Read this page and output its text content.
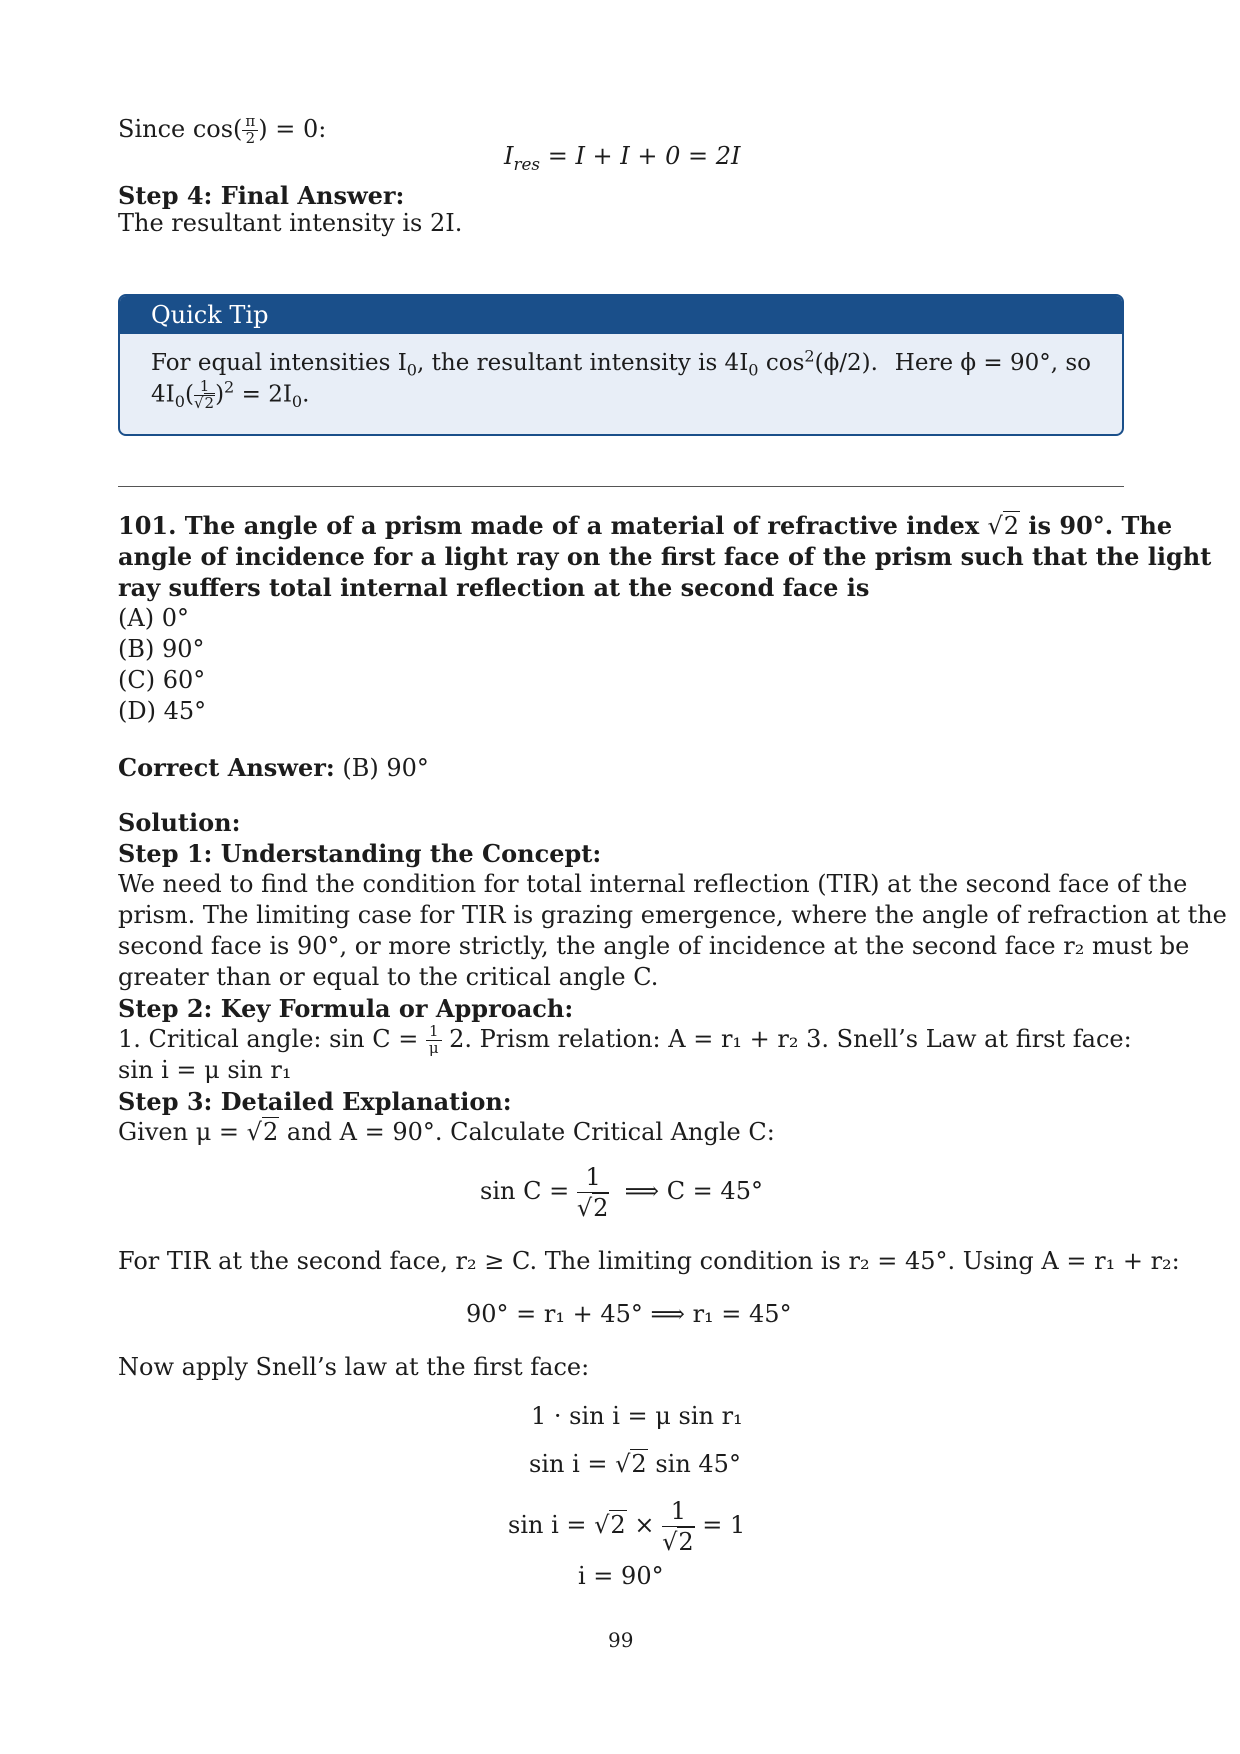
Since $\cos( \frac{\pi}{2}$ ) = 0:
$I_{res} = I + I + 0 = 2I$
Step 4: Final Answer:
The resultant intensity is 2I.
Quick Tip
For equal intensities $I_0$, the resultant intensity is $4I_0$ $\cos^2(\phi/2)$. Here ϕ = 90°, so
$4I_0( \frac{1}{√2} )^2 = 2I_0$.
101. The angle of a prism made of a material of refractive index √2 is 90°. The
angle of incidence for a light ray on the first face of the prism such that the light
ray suffers total internal reflection at the second face is
(A) 0°
(B) 90°
(C) 60°
(D) 45°
Correct Answer: (B) 90°
Solution:
Step 1: Understanding the Concept:
We need to find the condition for total internal reflection (TIR) at the second face of the
prism. The limiting case for TIR is grazing emergence, where the angle of refraction at the
second face is 90°, or more strictly, the angle of incidence at the second face r₂ must be
greater than or equal to the critical angle C.
Step 2: Key Formula or Approach:
1. Critical angle: $\sin C = \frac{1}{\mu} 2$. Prism relation: A = r₁ + r₂ 3. Snell’s Law at first face:
sin i = μ sin r₁
Step 3: Detailed Explanation:
Given μ = √2 and A = 90°. Calculate Critical Angle C:
$\sin C = \frac{1}{√2}$ ⟹ C = 45°
For TIR at the second face, r₂ ≥ C. The limiting condition is r₂ = 45°. Using A = r₁ + r₂:
90° = r₁ + 45° ⟹ r₁ = 45°
Now apply Snell’s law at the first face:
1 · sin i = μ sin r₁
sin i = √2 sin 45°
$\sin i = √2 \times \frac{1}{√2} = 1$
i = 90°
99
